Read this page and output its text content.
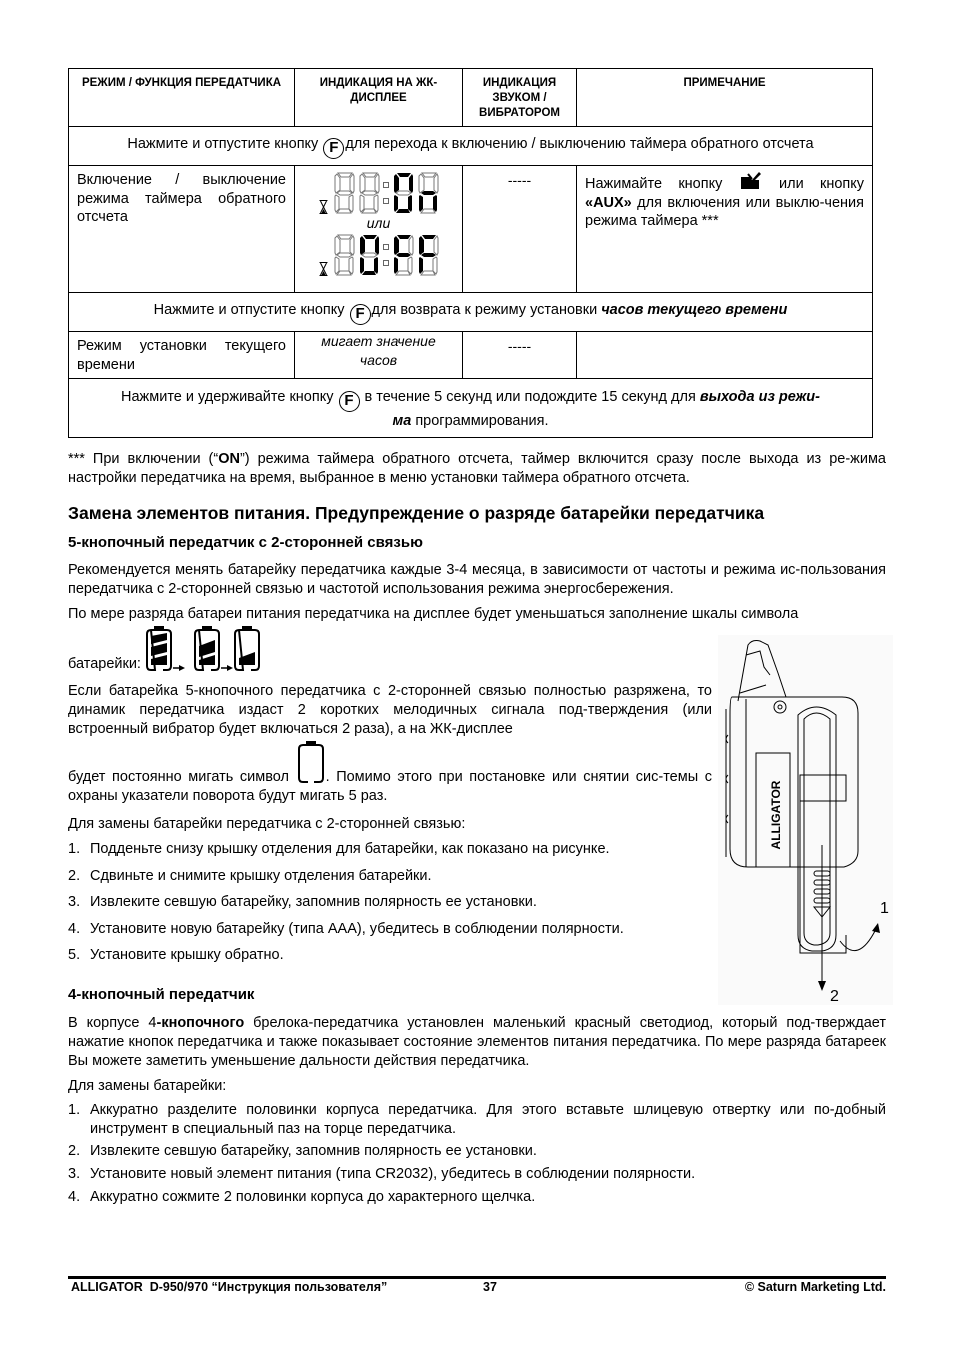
РЕЖИМ / ФУНКЦИЯ ПЕРЕДАТЧИКА	ИНДИКАЦИЯ НА ЖК-ДИСПЛЕЕ	ИНДИКАЦИЯ ЗВУКОМ / ВИБРАТОРОМ	ПРИМЕЧАНИЕ
Нажмите и отпустите кнопку F для перехода к включению / выключению таймера обратного отсчета			
Включение / выключение режима таймера обратного отсчета	или	-----	Нажимайте кнопку или кнопку «AUX» для включения или выклю-чения режима таймера ***
Нажмите и отпустите кнопку F для возврата к режиму установки часов текущего времени			
Режим установки текущего времени	мигает значение часов	-----	
Нажмите и удерживайте кнопку F в течение 5 секунд или подождите 15 секунд для выхода из режи-
ма программирования.			
*** При включении (“ON”) режима таймера обратного отсчета, таймер включится сразу после выхода из ре-жима настройки передатчика на время, выбранное в меню установки таймера обратного отсчета.
Замена элементов питания. Предупреждение о разряде батарейки передатчика
5-кнопочный передатчик с 2-сторонней связью
Рекомендуется менять батарейку передатчика каждые 3-4 месяца, в зависимости от частоты и режима ис-пользования передатчика с 2-сторонней связью и частотой использования режима энергосбережения.
По мере разряда батареи питания передатчика на дисплее будет уменьшаться заполнение шкалы символа
батарейки:
Если батарейка 5-кнопочного передатчика с 2-сторонней связью полностью разряжена, то динамик передатчика издаст 2 коротких мелодичных сигнала под-тверждения (или встроенный вибратор будет включаться 2 раза), а на ЖК-дисплее
будет постоянно мигать символ	. Помимо этого при постановке или снятии сис-темы с охраны указатели поворота будут мигать 5 раз.
Для замены батарейки передатчика с 2-сторонней связью:
1. Подденьте снизу крышку отделения для батарейки, как показано на рисунке.
2. Сдвиньте и снимите крышку отделения батарейки.
3. Извлеките севшую батарейку, запомнив полярность ее установки.
4. Установите новую батарейку (типа ААА), убедитесь в соблюдении полярности.
5. Установите крышку обратно.
4-кнопочный передатчик
В корпусе 4-кнопочного брелока-передатчика установлен маленький красный светодиод, который под-тверждает нажатие кнопок передатчика и также показывает состояние элементов питания передатчика. По мере разряда батареек Вы можете заметить уменьшение дальности действия передатчика.
Для замены батарейки:
1. Аккуратно разделите половинки корпуса передатчика. Для этого вставьте шлицевую отвертку или по-добный инструмент в специальный паз на торце передатчика.
2. Извлеките севшую батарейку, запомнив полярность ее установки.
3. Установите новый элемент питания (типа CR2032), убедитесь в соблюдении полярности.
4. Аккуратно сожмите 2 половинки корпуса до характерного щелчка.
ALLIGATOR
1
2
ALLIGATOR  D-950/970 “Инструкция пользователя”	37	© Saturn Marketing Ltd.
